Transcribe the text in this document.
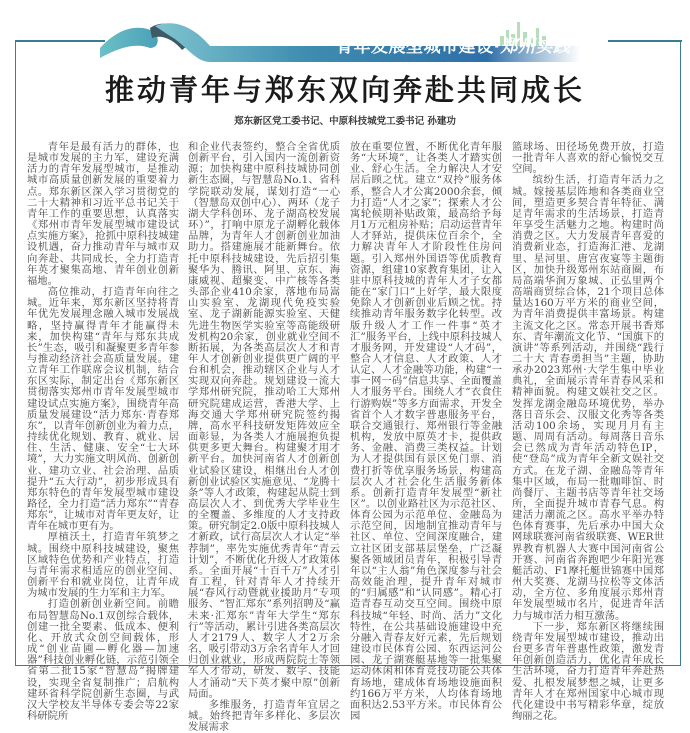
青年发展型城市建设·郑州实践
推动青年与郑东双向奔赴共同成长
郑东新区党工委书记、中原科技城党工委书记 孙建功

青年是最有活力的群体，也是城市发展的主力军，建设充满活力的青年发展型城市，是推动城市高质量创新发展的重要着力点。郑东新区深入学习贯彻党的二十大精神和习近平总书记关于青年工作的重要思想，认真落实《郑州市青年发展型城市建设试点实施方案》，抢抓中原科技城建设机遇，奋力推动青年与城市双向奔赴、共同成长，全力打造青年英才聚集高地、青年创业创新福地。

高位推动，打造青年向往之城。近年来，郑东新区坚持将青年优先发展理念融入城市发展战略，坚持赢得青年才能赢得未来，加快构建“青年与郑东共成长”生态，吸引和凝聚更多青年参与推动经济社会高质量发展。建立青年工作联席会议机制，结合东区实际，制定出台《郑东新区贯彻落实郑州市青年发展型城市建设试点实施方案》，围绕青年高质量发展建设“活力郑东·青春郑东”，以青年创新创业为着力点，持续优化规划、教育、就业、居住、生活、健康、安全“七大环境”，大力实施文明风尚、创新创业、建功立业、社会治理、品质提升“五大行动”，初步形成具有郑东特色的青年发展型城市建设路径，全力打造“活力郑东”“青春郑东”，让城市对青年更友好，让青年在城市更有为。

厚植沃土，打造青年筑梦之城。围绕中原科技城建设，聚焦区域特色优势和产业特点，打造与青年需求相适应的创业空间、创新平台和就业岗位，让青年成为城市发展的生力军和主力军。

打造创新创业新空间。前瞻布局智慧岛No.1双创综合载体，创建一批全要素、低成本、便利化、开放式众创空间载体，形成“创业苗圃—孵化器—加速器”科技创业孵化链，示范引领全省第二批15家“智慧岛”揭牌建设，实现全省复制推广；启航构建环省科学院创新生态圈，与武汉大学校友半导体专委会等22家科研院所

和企业代表签约，整合全省优质创新平台，引入国内一流创新资源；加快构建中原科技城协同创新生态圈，与智慧岛No.1、省科学院联动发展，谋划打造“一心（智慧岛双创中心）、两环（龙子湖大学科创环、龙子湖高校发展环）”，打响中原龙子湖孵化载体品牌，为青年人才创新创业加油助力。搭建施展才能新舞台。依托中原科技城建设，先后招引集聚华为、腾讯、阿里、京东、海康威视、超聚变、中广核等各类头部企业410余家，落地布局嵩山实验室、龙湖现代免疫实验室、龙子湖新能源实验室、天健先进生物医学实验室等高能级研发机构20余家，创业就业空间不断拓展，为各类高层次人才和青年人才创新创业提供更广阔的平台和机会，推动辖区企业与人才实现双向奔赴。规划建设一流大学郑州研究院，推动哈工大郑州研究院建成运营，香港大学、上海交通大学郑州研究院签约揭牌，高水平科技研发矩阵效应全面彰显，为各类人才施展抱负提供更多更大舞台。构建聚才用才新平台。加快河南省人才创新创业试验区建设，相继出台人才创新创业试验区实施意见、“龙腾十条”等人才政策，构建起从院士到高层次人才、到优秀大学毕业生的全覆盖、多维度的人才支持政策。研究制定2.0版中原科技城人才新政，试行高层次人才认定“举荐制”，率先实施优秀青年“青云计划”，不断优化升级人才政策体系。全面开展“十百千万”人才引育工程，针对青年人才持续开展“春风行动暨就业援助月”专项服务、“智汇郑东”系列招聘及“赢未来·汇郑东”青年大学生“郑东行”等活动，累计引进各类高层次人才2179人、数字人才2万余名，吸引带动3万余名青年人才回归创业就业，形成两院院士等领军人才带动，研发、数字、技能人才涌动“天下英才聚中原”创新局面。

多维服务，打造青年宜居之城。始终把青年多样化、多层次发展需求

放在重要位置，不断优化青年服务“大环境”，让各类人才踏实创业、舒心生活。全力解决人才安居后顾之忧。建立“双拎”服务体系，整合人才公寓2000余套，倾力打造“人才之家”；探索人才公寓轮候期补贴政策，最高给予每月1万元租房补贴；启动运营青年人才驿站，提供床位百余个，全力解决青年人才阶段性住房问题。引入郑州外国语等优质教育资源，组建10家教育集团，让入驻中原科技城的青年人才子女都能在“家门口”上好学，最大限度免除人才创新创业后顾之忧。持续推动青年服务数字化转型。改版升级人才工作一件事“英才汇”服务平台，上线中原科技城人才服务网，开发建设“人才码”，整合人才信息、人才政策、人才认定、人才金融等功能，构建“一事一网一码”信息共享、全面覆盖人才服务平台。围绕人才“衣食住行游购娱”等多方面需求，开发全省首个人才数字普惠服务平台，联合交通银行、郑州银行等金融机构，发放中原英才卡，提供政务、金融、消费三类权益。计划为人才提供国有景区免门票、消费打折等优享服务场景，构建高层次人才社会化生活服务新体系。创新打造青年发展型“新社区”。以创业路社区为示范社区、体育公园为示范单位、金融岛为示范空间，因地制宜推动青年与社区、单位、空间深度融合，建立社区团支部基层堡垒，广泛凝聚各领域团员青年，积极引导青年以“主人翁”角色深度参与社会高效能治理，提升青年对城市的“归属感”和“认同感”。精心打造青春互动交互空间。围绕中原科技城“年轻、时尚、活力”文化特性，在公共基础设施建设中充分融入青春友好元素，先后规划建设市民体育公园、东西运河公园、龙子湖赛艇基地等一批集聚运动休闲和体育竞技功能公共体育场地，建成体育场地设施面积约166万平方米，人均体育场地面积达2.53平方米。市民体育公园

篮球场、田径场免费开放，打造一批青年人喜欢的舒心愉悦交互空间。

缤纷生活，打造青年活力之城。嫁接基层阵地和各类商业空间，塑造更多契合青年特征、满足青年需求的生活场景，打造青年享受生活魅力之地。构建时尚消费之区。大力发展青年喜爱的消费新业态，打造海汇港、龙湖里、星河里、唐宫夜宴等主题街区，加快升级郑州东站商圈，布局高端华润万象城、正弘里两个高端商贸综合体，21个项目总体量达160万平方米的商业空间，为青年消费提供丰富场景。构建主流文化之区。常态开展书香郑东、青年潮流文化节、“国旗下的演讲”等系列活动，并围绕“践行二十大 青春勇担当”主题，协助承办2023郑州·大学生集中毕业典礼，全面展示青年青春风采和精神面貌。构建文娱社交之区。发挥龙湖金融岛环境优势，举办落日音乐会、汉服文化秀等各类活动100余场，实现月月有主题、周周有活动。每周落日音乐会已然成为青年活动特色IP，使“登岛”成为青年全新文娱社交方式。在龙子湖、金融岛等青年集中区域，布局一批咖啡馆、时尚餐厅、主题书店等青年社交场所，全面提升城市青春气息。构建活力潮流之区。高水平举办特色体育赛事，先后承办中国大众网球联赛河南省级联赛、WER世界教育机器人大赛中国河南省公开赛、河南省奔跑吧少年阳光赛艇活动、F1摩托艇世锦赛中国郑州大奖赛、龙湖马拉松等文体活动，全方位、多角度展示郑州青年发展型城市名片，促进青年活力与城市活力相互激荡。

下一步，郑东新区将继续围绕青年发展型城市建设，推动出台更多青年普惠性政策，激发青年创新创造活力，优化青年成长生活环境，奋力打造青年奔赴热爱、扎根发展梦想之城，让更多青年人才在郑州国家中心城市现代化建设中书写精彩华章，绽放绚丽之花。
